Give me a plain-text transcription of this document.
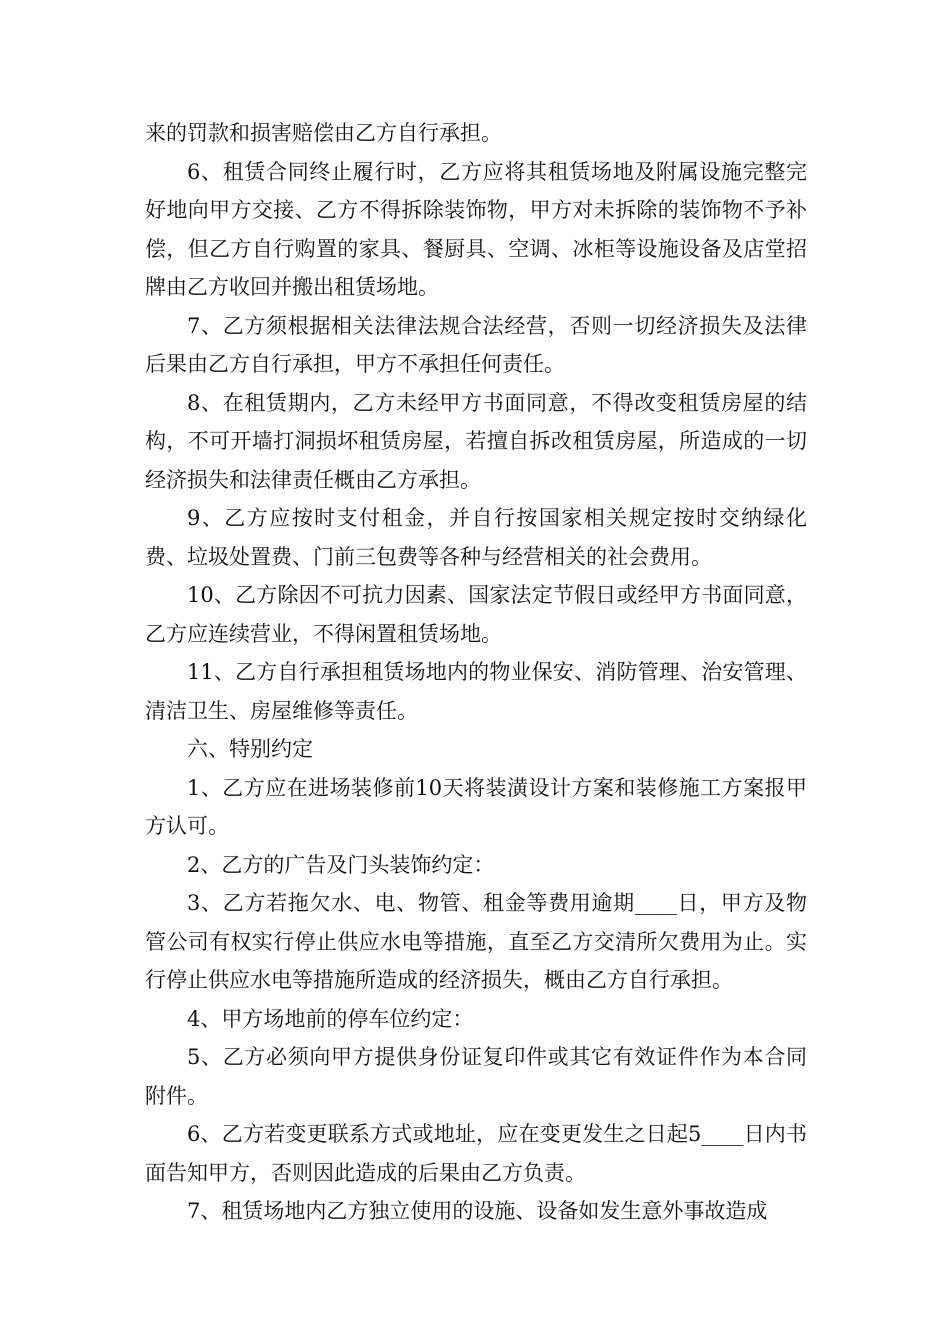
来的罚款和损害赔偿由乙方自行承担。

6、租赁合同终止履行时，乙方应将其租赁场地及附属设施完整完好地向甲方交接、乙方不得拆除装饰物，甲方对未拆除的装饰物不予补偿，但乙方自行购置的家具、餐厨具、空调、冰柜等设施设备及店堂招牌由乙方收回并搬出租赁场地。

7、乙方须根据相关法律法规合法经营，否则一切经济损失及法律后果由乙方自行承担，甲方不承担任何责任。

8、在租赁期内，乙方未经甲方书面同意，不得改变租赁房屋的结构，不可开墙打洞损坏租赁房屋，若擅自拆改租赁房屋，所造成的一切经济损失和法律责任概由乙方承担。

9、乙方应按时支付租金，并自行按国家相关规定按时交纳绿化费、垃圾处置费、门前三包费等各种与经营相关的社会费用。

10、乙方除因不可抗力因素、国家法定节假日或经甲方书面同意，乙方应连续营业，不得闲置租赁场地。

11、乙方自行承担租赁场地内的物业保安、消防管理、治安管理、清洁卫生、房屋维修等责任。

六、特别约定

1、乙方应在进场装修前10天将装潢设计方案和装修施工方案报甲方认可。

2、乙方的广告及门头装饰约定：

3、乙方若拖欠水、电、物管、租金等费用逾期____日，甲方及物管公司有权实行停止供应水电等措施，直至乙方交清所欠费用为止。实行停止供应水电等措施所造成的经济损失，概由乙方自行承担。

4、甲方场地前的停车位约定：

5、乙方必须向甲方提供身份证复印件或其它有效证件作为本合同附件。

6、乙方若变更联系方式或地址，应在变更发生之日起5____日内书面告知甲方，否则因此造成的后果由乙方负责。

7、租赁场地内乙方独立使用的设施、设备如发生意外事故造成
